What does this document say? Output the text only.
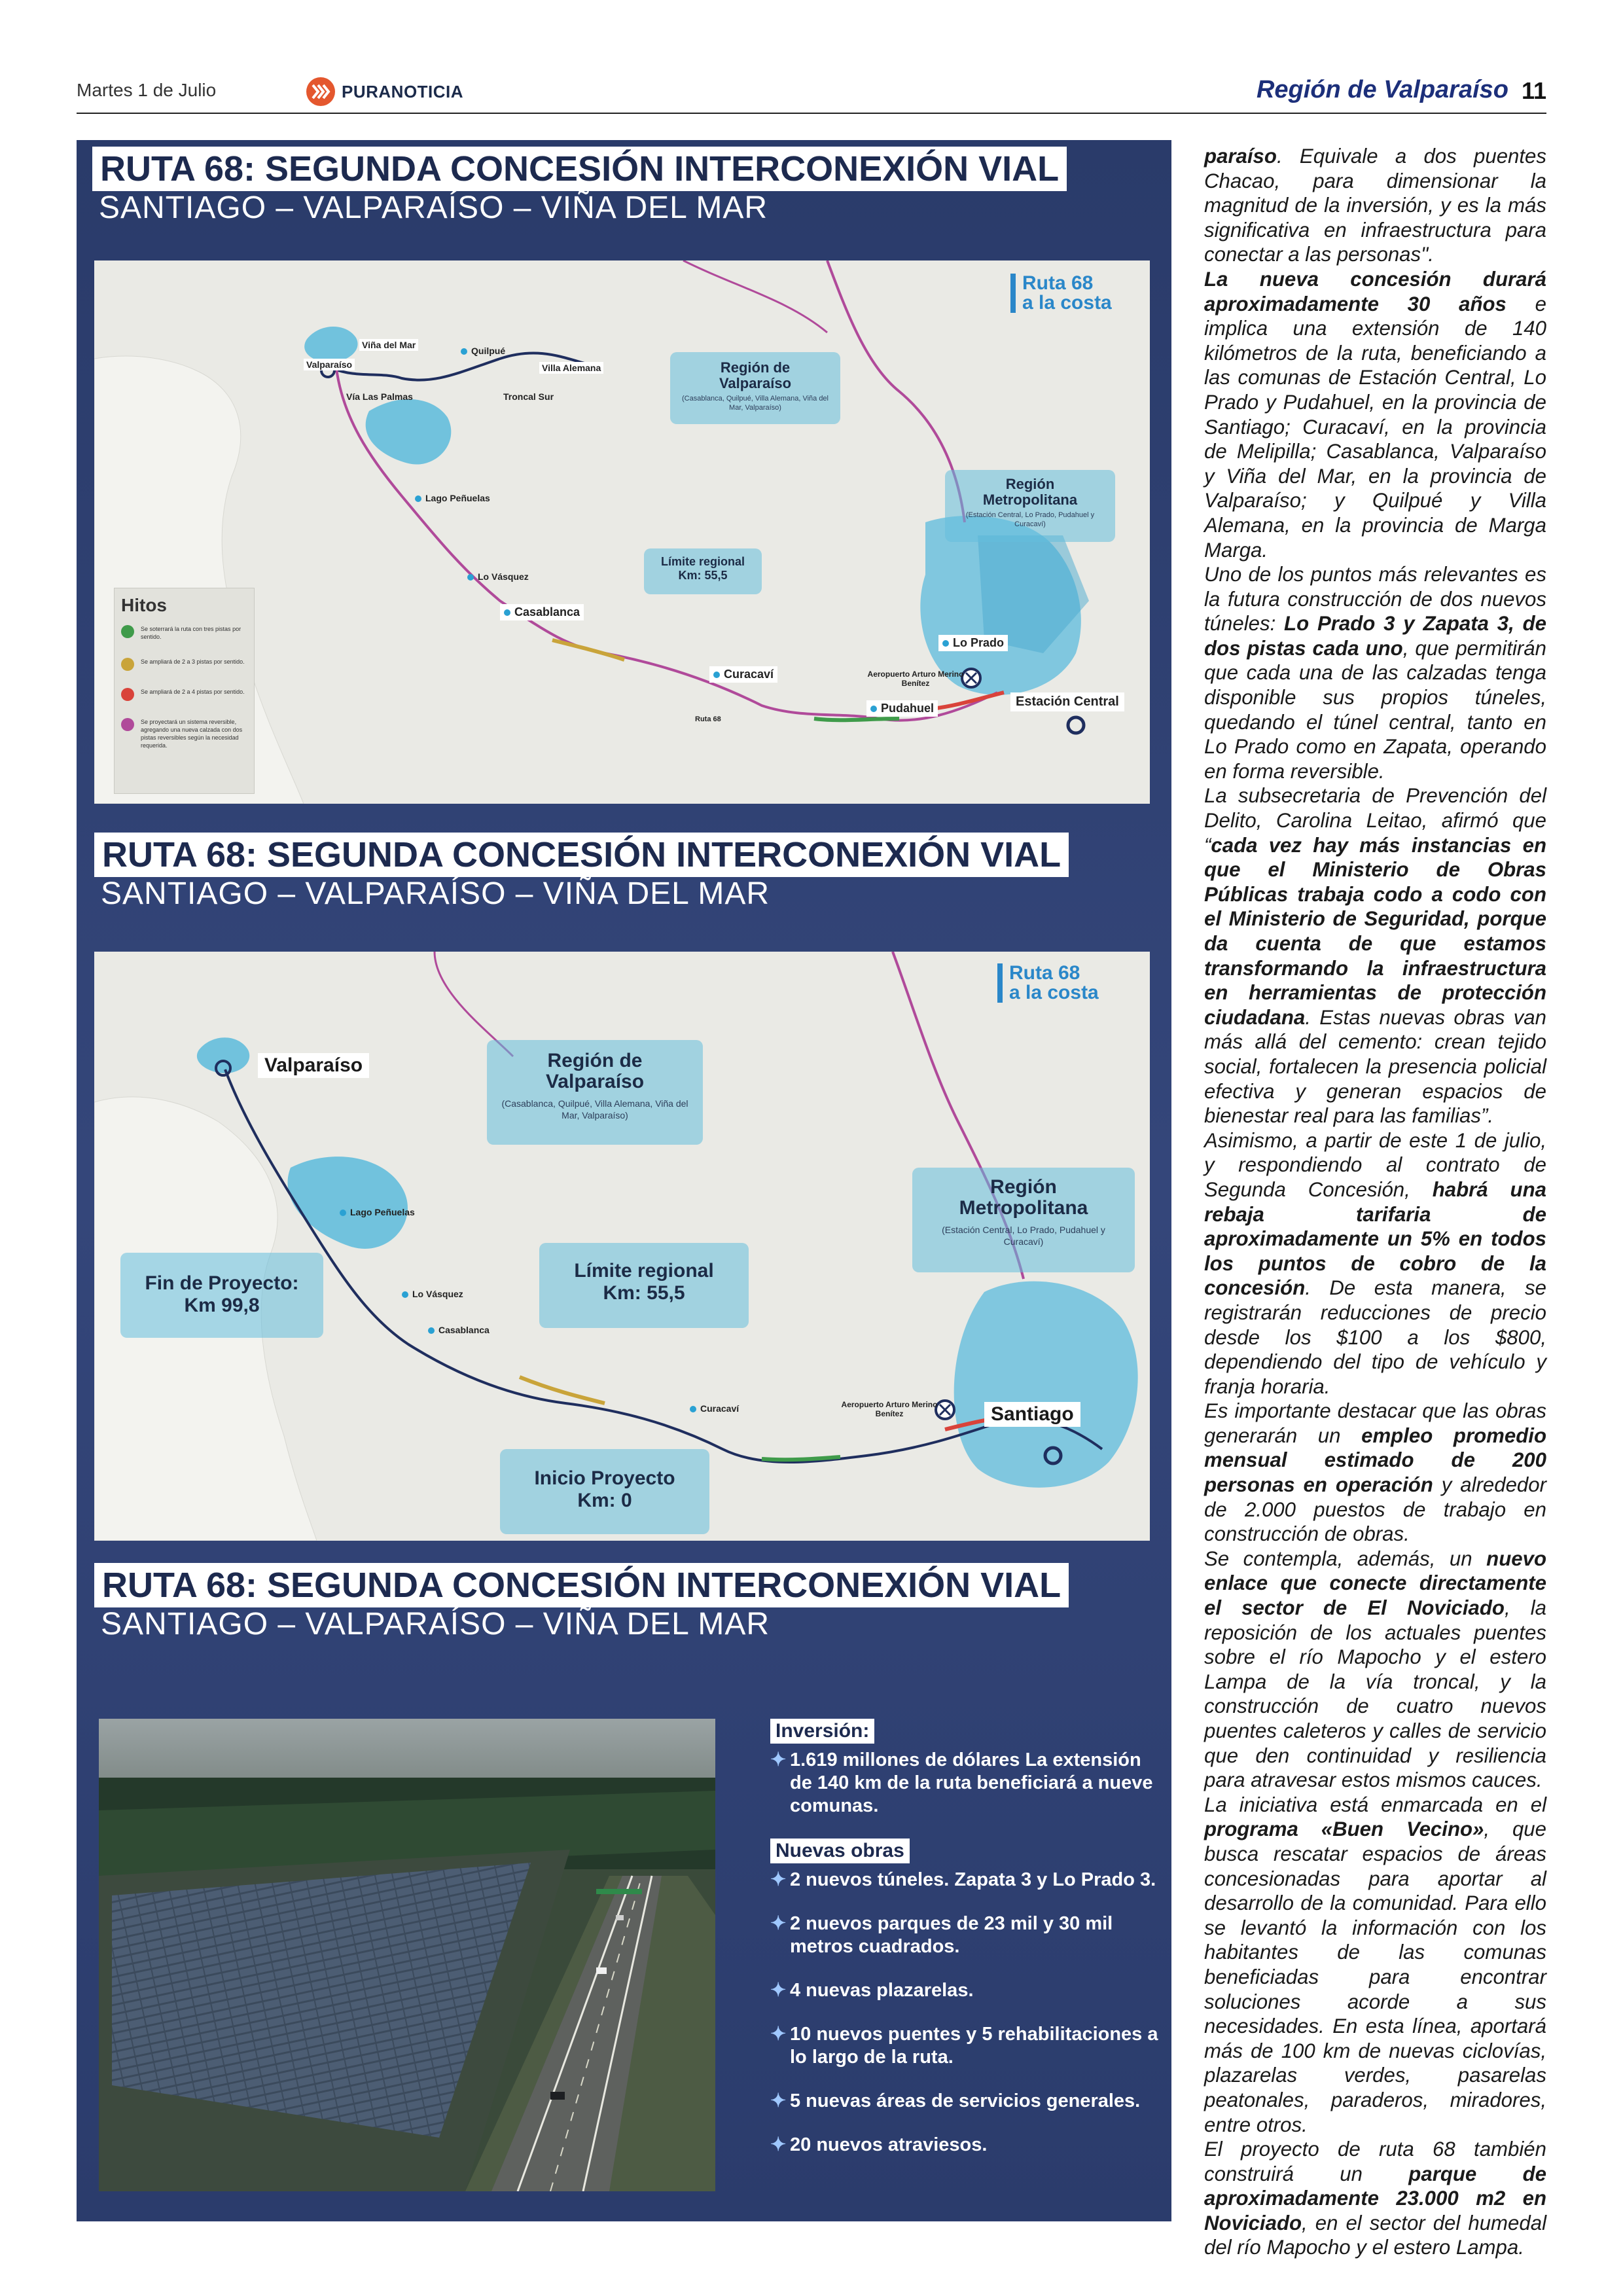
Martes 1 de Julio	PURANOTICIA	Región de Valparaíso 11
RUTA 68: SEGUNDA CONCESIÓN INTERCONEXIÓN VIAL
SANTIAGO – VALPARAÍSO – VIÑA DEL MAR
Ruta 68
a la costa
Viña del Mar
Quilpué
Valparaíso	Villa Alemana
Vía Las Palmas	Troncal Sur
Lago Peñuelas
Lo Vásquez
Casablanca
Curacaví
Ruta 68
Lo Prado
Pudahuel
Aeropuerto Arturo Merino Benítez
Estación Central
Región de Valparaíso
(Casablanca, Quilpué, Villa Alemana, Viña del Mar, Valparaíso)
Región Metropolitana
(Estación Central, Lo Prado, Pudahuel y Curacaví)
Límite regional
Km: 55,5
Hitos
Se soterrará la ruta con tres pistas por sentido.
Se ampliará de 2 a 3 pistas por sentido.
Se ampliará de 2 a 4 pistas por sentido.
Se proyectará un sistema reversible, agregando una nueva calzada con dos pistas reversibles según la necesidad requerida.
RUTA 68: SEGUNDA CONCESIÓN INTERCONEXIÓN VIAL
SANTIAGO – VALPARAÍSO – VIÑA DEL MAR
Ruta 68
a la costa
Valparaíso
Lago Peñuelas
Lo Vásquez
Casablanca
Curacaví	Aeropuerto Arturo Merino Benítez	Santiago
Región de Valparaíso
(Casablanca, Quilpué, Villa Alemana, Viña del Mar, Valparaíso)
Región Metropolitana
(Estación Central, Lo Prado, Pudahuel y Curacaví)
Fin de Proyecto:
Km 99,8
Límite regional
Km: 55,5
Inicio Proyecto
Km: 0
RUTA 68: SEGUNDA CONCESIÓN INTERCONEXIÓN VIAL
SANTIAGO – VALPARAÍSO – VIÑA DEL MAR
Inversión:
✦ 1.619 millones de dólares La extensión de 140 km de la ruta beneficiará a nueve comunas.
Nuevas obras
✦ 2 nuevos túneles. Zapata 3 y Lo Prado 3.
✦ 2 nuevos parques de 23 mil y 30 mil metros cuadrados.
✦ 4 nuevas plazarelas.
✦ 10 nuevos puentes y 5 rehabilitaciones a lo largo de la ruta.
✦ 5 nuevas áreas de servicios generales.
✦ 20 nuevos atraviesos.

paraíso. Equivale a dos puentes Chacao, para dimensionar la magnitud de la inversión, y es la más significativa en infraestructura para conectar a las personas".

La nueva concesión durará aproximadamente 30 años e implica una extensión de 140 kilómetros de la ruta, beneficiando a las comunas de Estación Central, Lo Prado y Pudahuel, en la provincia de Santiago; Curacaví, en la provincia de Melipilla; Casablanca, Valparaíso y Viña del Mar, en la provincia de Valparaíso; y Quilpué y Villa Alemana, en la provincia de Marga Marga.

Uno de los puntos más relevantes es la futura construcción de dos nuevos túneles: Lo Prado 3 y Zapata 3, de dos pistas cada uno, que permitirán que cada una de las calzadas tenga disponible sus propios túneles, quedando el túnel central, tanto en Lo Prado como en Zapata, operando en forma reversible.

La subsecretaria de Prevención del Delito, Carolina Leitao, afirmó que “cada vez hay más instancias en que el Ministerio de Obras Públicas trabaja codo a codo con el Ministerio de Seguridad, porque da cuenta de que estamos transformando la infraestructura en herramientas de protección ciudadana. Estas nuevas obras van más allá del cemento: crean tejido social, fortalecen la presencia policial efectiva y generan espacios de bienestar real para las familias”.

Asimismo, a partir de este 1 de julio, y respondiendo al contrato de Segunda Concesión, habrá una rebaja tarifaria de aproximadamente un 5% en todos los puntos de cobro de la concesión. De esta manera, se registrarán reducciones de precio desde los $100 a los $800, dependiendo del tipo de vehículo y franja horaria.

Es importante destacar que las obras generarán un empleo promedio mensual estimado de 200 personas en operación y alrededor de 2.000 puestos de trabajo en construcción de obras.

Se contempla, además, un nuevo enlace que conecte directamente el sector de El Noviciado, la reposición de los actuales puentes sobre el río Mapocho y el estero Lampa de la vía troncal, y la construcción de cuatro nuevos puentes caleteros y calles de servicio que den continuidad y resiliencia para atravesar estos mismos cauces.

La iniciativa está enmarcada en el programa «Buen Vecino», que busca rescatar espacios de áreas concesionadas para aportar al desarrollo de la comunidad. Para ello se levantó la información con los habitantes de las comunas beneficiadas para encontrar soluciones acorde a sus necesidades. En esta línea, aportará más de 100 km de nuevas ciclovías, plazarelas verdes, pasarelas peatonales, paraderos, miradores, entre otros.

El proyecto de ruta 68 también construirá un parque de aproximadamente 23.000 m2 en Noviciado, en el sector del humedal del río Mapocho y el estero Lampa.
